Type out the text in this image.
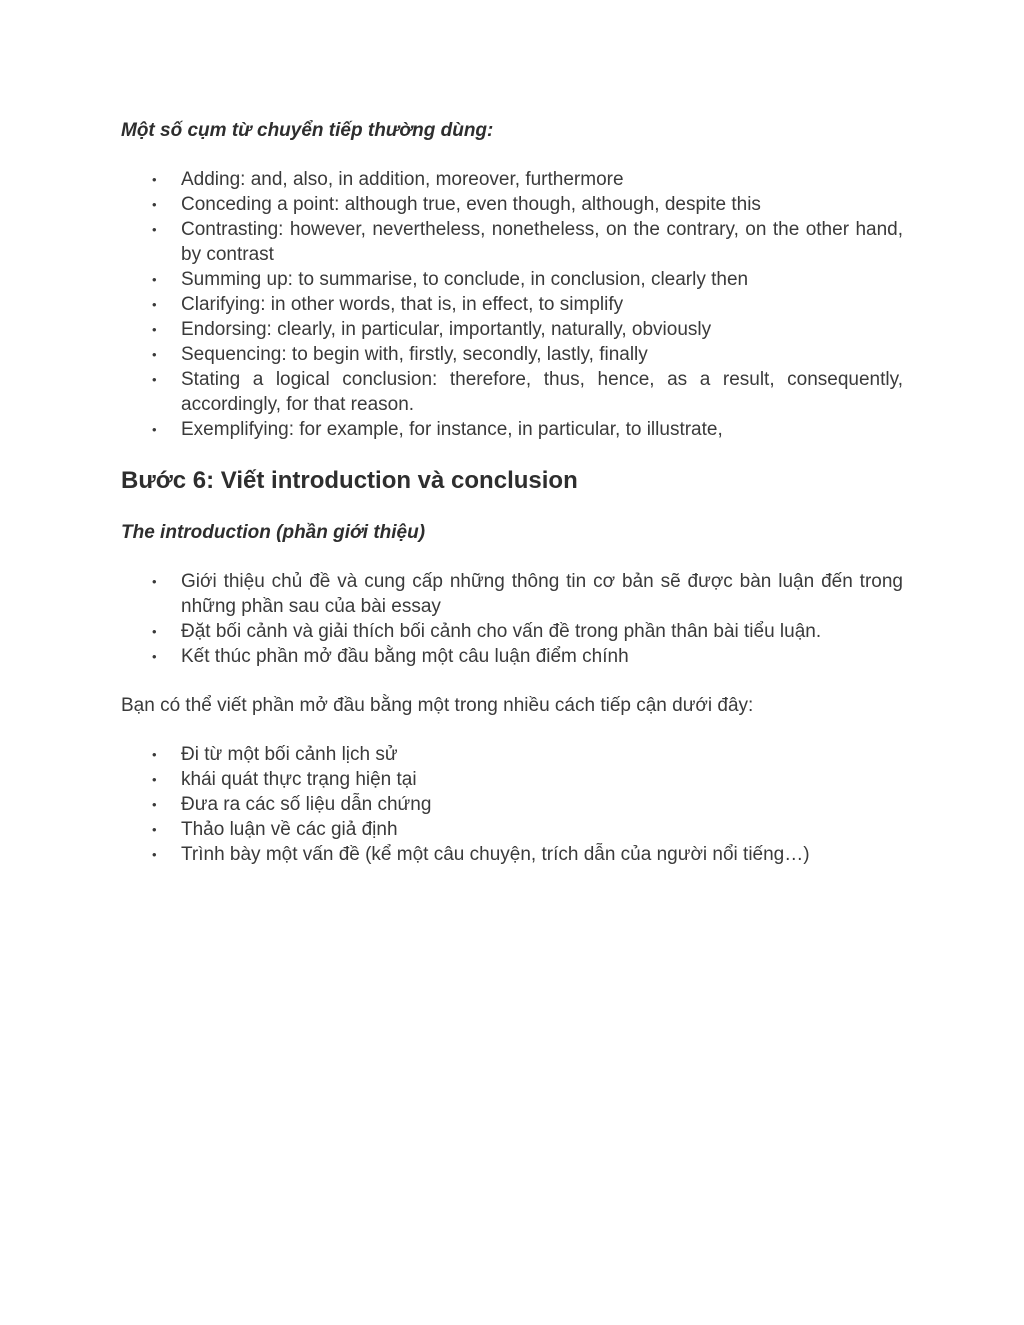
Một số cụm từ chuyển tiếp thường dùng:

• Adding: and, also, in addition, moreover, furthermore
• Conceding a point: although true, even though, although, despite this
• Contrasting: however, nevertheless, nonetheless, on the contrary, on the other hand, by contrast
• Summing up: to summarise, to conclude, in conclusion, clearly then
• Clarifying: in other words, that is, in effect, to simplify
• Endorsing: clearly, in particular, importantly, naturally, obviously
• Sequencing: to begin with, firstly, secondly, lastly, finally
• Stating a logical conclusion: therefore, thus, hence, as a result, consequently, accordingly, for that reason.
• Exemplifying: for example, for instance, in particular, to illustrate,
Bước 6: Viết introduction và conclusion

The introduction (phần giới thiệu)

• Giới thiệu chủ đề và cung cấp những thông tin cơ bản sẽ được bàn luận đến trong những phần sau của bài essay
• Đặt bối cảnh và giải thích bối cảnh cho vấn đề trong phần thân bài tiểu luận.
• Kết thúc phần mở đầu bằng một câu luận điểm chính

Bạn có thể viết phần mở đầu bằng một trong nhiều cách tiếp cận dưới đây:

• Đi từ một bối cảnh lịch sử
• khái quát thực trạng hiện tại
• Đưa ra các số liệu dẫn chứng
• Thảo luận về các giả định
• Trình bày một vấn đề (kể một câu chuyện, trích dẫn của người nổi tiếng…)
